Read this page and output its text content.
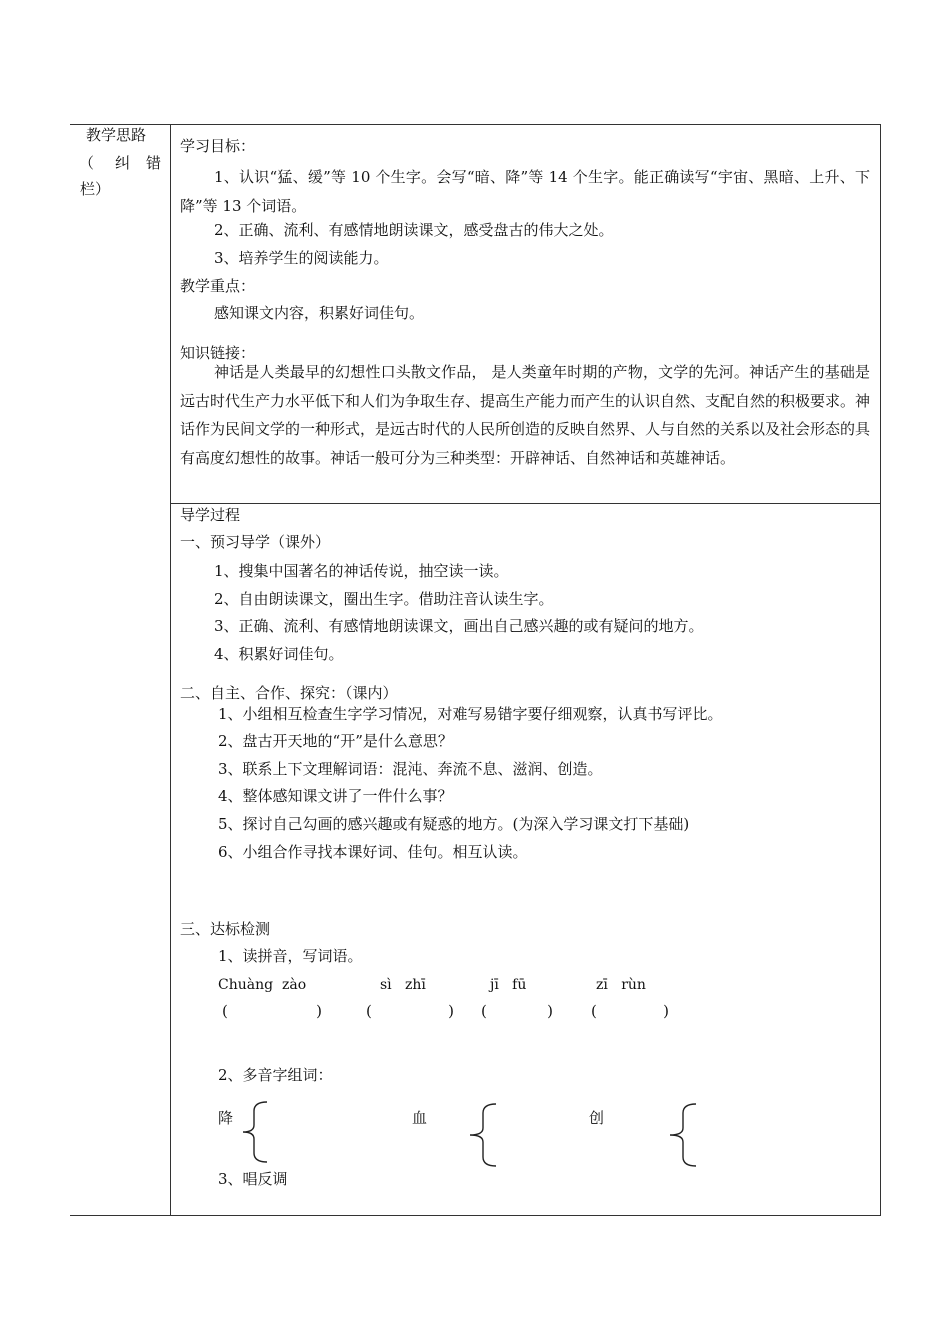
教学思路
（ 纠 错
栏）
学习目标：
1、认识“猛、缓”等 10 个生字。会写“暗、降”等 14 个生字。能正确读写“宇宙、黑暗、上升、下降”等 13 个词语。
2、正确、流利、有感情地朗读课文，感受盘古的伟大之处。
3、培养学生的阅读能力。
教学重点：
感知课文内容，积累好词佳句。
知识链接：
神话是人类最早的幻想性口头散文作品， 是人类童年时期的产物，文学的先河。神话产生的基础是远古时代生产力水平低下和人们为争取生存、提高生产能力而产生的认识自然、支配自然的积极要求。神话作为民间文学的一种形式，是远古时代的人民所创造的反映自然界、人与自然的关系以及社会形态的具有高度幻想性的故事。神话一般可分为三种类型：开辟神话、自然神话和英雄神话。
导学过程
一、预习导学（课外）
1、搜集中国著名的神话传说，抽空读一读。
2、自由朗读课文，圈出生字。借助注音认读生字。
3、正确、流利、有感情地朗读课文，画出自己感兴趣的或有疑问的地方。
4、积累好词佳句。
二、自主、合作、探究：（课内）
1、小组相互检查生字学习情况，对难写易错字要仔细观察，认真书写评比。
2、盘古开天地的“开”是什么意思？
3、联系上下文理解词语：混沌、奔流不息、滋润、创造。
4、整体感知课文讲了一件什么事？
5、探讨自己勾画的感兴趣或有疑惑的地方。(为深入学习课文打下基础)
6、小组合作寻找本课好词、佳句。相互认读。
三、达标检测
1、读拼音，写词语。
Chuàng  zào	sì   zhī	jī   fū	zī   rùn
(	)	(	) (	)	(	)
2、多音字组词：
降	血	创
3、唱反调
